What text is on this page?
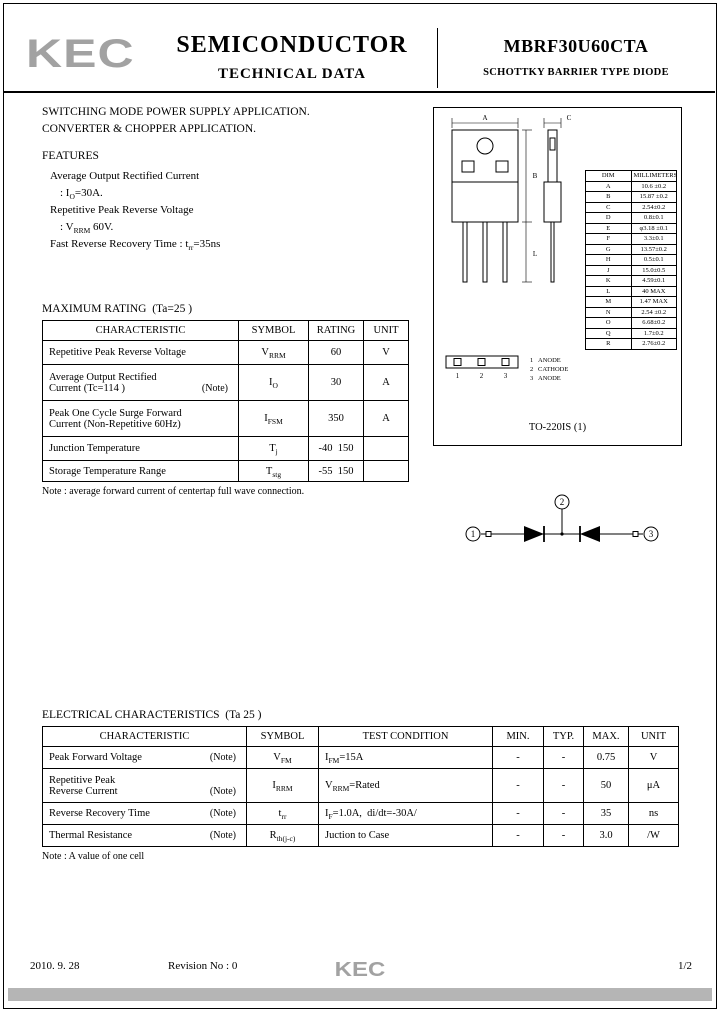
KEC	SEMICONDUCTOR
TECHNICAL DATA
MBRF30U60CTA
SCHOTTKY BARRIER TYPE DIODE
SWITCHING MODE POWER SUPPLY APPLICATION.
CONVERTER & CHOPPER APPLICATION.
FEATURES
Average Output Rectified Current
: $I_O=30A$.
Repetitive Peak Reverse Voltage
: $V_{RRM}$ 60V.
Fast Reverse Recovery Time : $t_{rr}=35ns$
MAXIMUM RATING  (Ta=25 )
CHARACTERISTIC	SYMBOL	RATING	UNIT

Repetitive Peak Reverse Voltage	$V_{RRM}$	60	V

Average Output Rectified
Current (Tc=114 ) (Note)	$I_O$	30	A

Peak One Cycle Surge Forward
Current (Non-Repetitive 60Hz)	$I_{FSM}$	350	A

Junction Temperature	$T_j$	-40  150	

Storage Temperature Range	$T_{stg}$	-55  150	
Note : average forward current of centertap full wave connection.
A
B
L
C
DIM	MILLIMETERS
A	10.6 ±0.2
B	15.87 ±0.2
C	2.54±0.2
D	0.8±0.1
E	φ3.18 ±0.1
F	3.3±0.1
G	13.57±0.2
H	0.5±0.1
J	15.0±0.5
K	4.59±0.1
L	40 MAX
M	1.47 MAX
N	2.54 ±0.2
O	6.68±0.2
Q	1.7±0.2
R	2.76±0.2
1	2	3
1 ANODE
2 CATHODE
3 ANODE
TO-220IS (1)
2
1	3
ELECTRICAL CHARACTERISTICS  (Ta 25 )
CHARACTERISTIC	SYMBOL	TEST CONDITION	MIN.	TYP.	MAX.	UNIT

Peak Forward Voltage (Note)	$V_{FM}$	$I_{FM}=15A$	-	-	0.75	V

Repetitive Peak
Reverse Current (Note)	$I_{RRM}$	$V_{RRM}=Rated$	-	-	50	μA

Reverse Recovery Time (Note)	$t_{rr}$	$I_F=1.0A$,  di/dt=-30A/	-	-	35	ns

Thermal Resistance (Note)	$R_{th(j-c)}$	Juction to Case	-	-	3.0	/W
Note : A value of one cell
2010. 9. 28	Revision No : 0	KEC	1/2
